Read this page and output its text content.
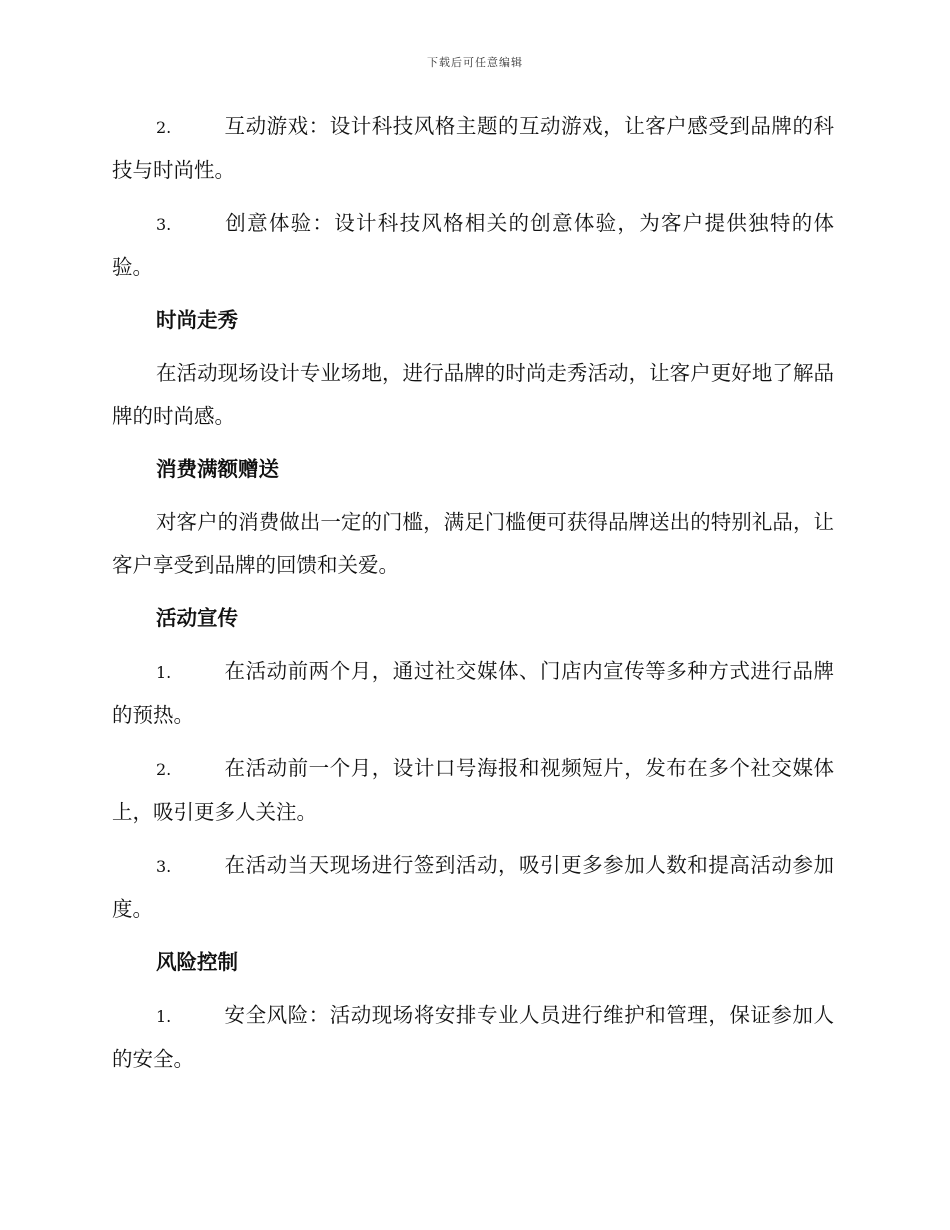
下载后可任意编辑

2.	互动游戏：设计科技风格主题的互动游戏，让客户感受到品牌的科技与时尚性。

3.	创意体验：设计科技风格相关的创意体验，为客户提供独特的体验。

时尚走秀

在活动现场设计专业场地，进行品牌的时尚走秀活动，让客户更好地了解品牌的时尚感。

消费满额赠送

对客户的消费做出一定的门槛，满足门槛便可获得品牌送出的特别礼品，让客户享受到品牌的回馈和关爱。

活动宣传

1.	在活动前两个月，通过社交媒体、门店内宣传等多种方式进行品牌的预热。

2.	在活动前一个月，设计口号海报和视频短片，发布在多个社交媒体上，吸引更多人关注。

3.	在活动当天现场进行签到活动，吸引更多参加人数和提高活动参加度。

风险控制

1.	安全风险：活动现场将安排专业人员进行维护和管理，保证参加人的安全。
